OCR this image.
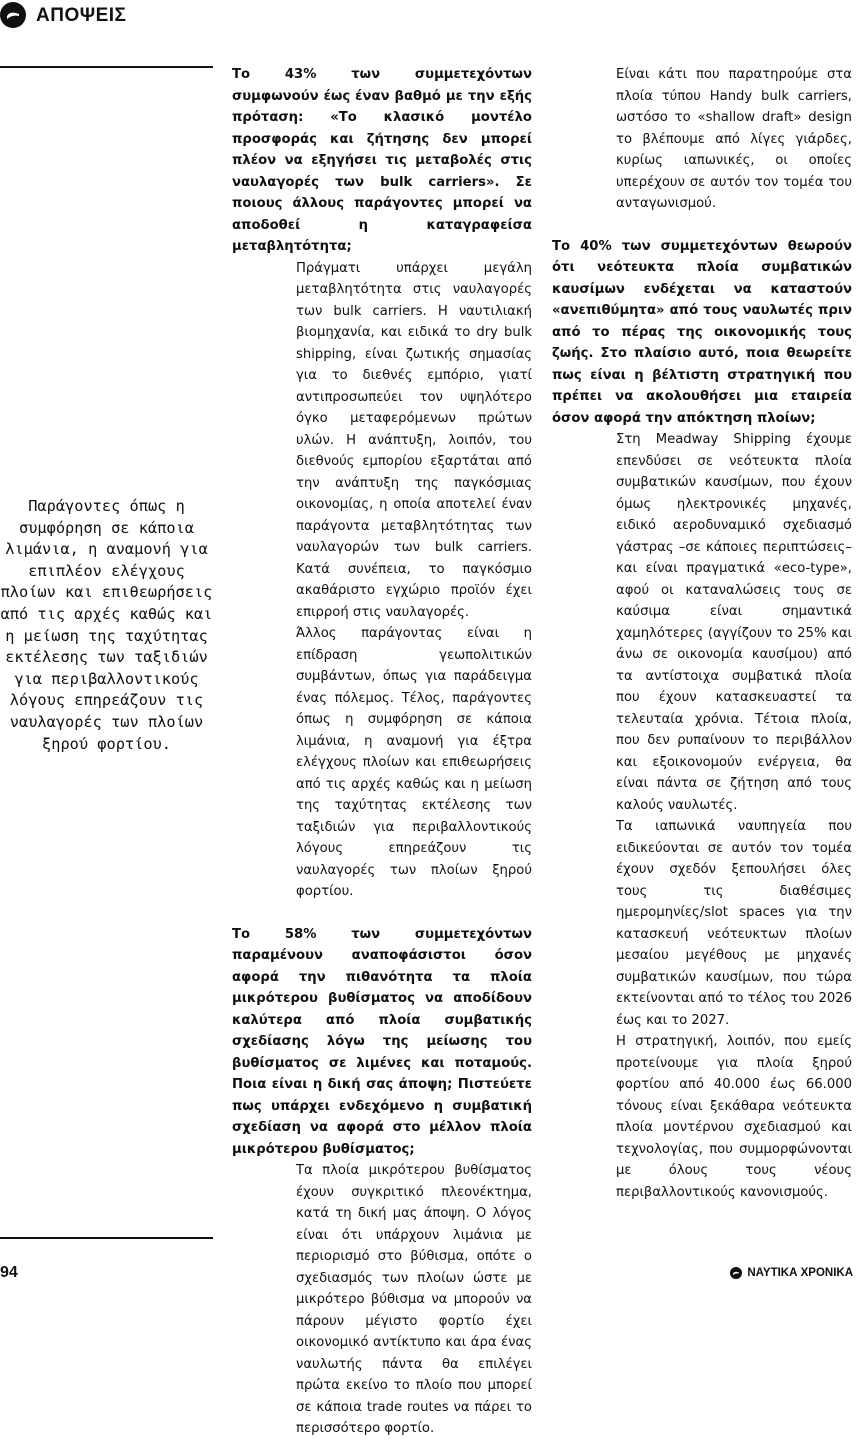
ΑΠΟΨΕΙΣ

Παράγοντες όπως η συμφόρηση σε κάποια λιμάνια, η αναμονή για επιπλέον ελέγχους πλοίων και επιθεωρήσεις από τις αρχές καθώς και η μείωση της ταχύτητας εκτέλεσης των ταξιδιών για περιβαλλοντικούς λόγους επηρεάζουν τις ναυλαγορές των πλοίων ξηρού φορτίου.

Το 43% των συμμετεχόντων συμφωνούν έως έναν βαθμό με την εξής πρόταση: «Το κλασικό μοντέλο προσφοράς και ζήτησης δεν μπορεί πλέον να εξηγήσει τις μεταβολές στις ναυλαγορές των bulk carriers». Σε ποιους άλλους παράγοντες μπορεί να αποδοθεί η καταγραφείσα μεταβλητότητα;

Πράγματι υπάρχει μεγάλη μεταβλητότητα στις ναυλαγορές των bulk carriers. Η ναυτιλιακή βιομηχανία, και ειδικά το dry bulk shipping, είναι ζωτικής σημασίας για το διεθνές εμπόριο, γιατί αντιπροσωπεύει τον υψηλότερο όγκο μεταφερόμενων πρώτων υλών. Η ανάπτυξη, λοιπόν, του διεθνούς εμπορίου εξαρτάται από την ανάπτυξη της παγκόσμιας οικονομίας, η οποία αποτελεί έναν παράγοντα μεταβλητότητας των ναυλαγορών των bulk carriers. Κατά συνέπεια, το παγκόσμιο ακαθάριστο εγχώριο προϊόν έχει επιρροή στις ναυλαγορές.

Άλλος παράγοντας είναι η επίδραση γεωπολιτικών συμβάντων, όπως για παράδειγμα ένας πόλεμος. Τέλος, παράγοντες όπως η συμφόρηση σε κάποια λιμάνια, η αναμονή για έξτρα ελέγχους πλοίων και επιθεωρήσεις από τις αρχές καθώς και η μείωση της ταχύτητας εκτέλεσης των ταξιδιών για περιβαλλοντικούς λόγους επηρεάζουν τις ναυλαγορές των πλοίων ξηρού φορτίου.

Το 58% των συμμετεχόντων παραμένουν αναποφάσιστοι όσον αφορά την πιθανότητα τα πλοία μικρότερου βυθίσματος να αποδίδουν καλύτερα από πλοία συμβατικής σχεδίασης λόγω της μείωσης του βυθίσματος σε λιμένες και ποταμούς. Ποια είναι η δική σας άποψη; Πιστεύετε πως υπάρχει ενδεχόμενο η συμβατική σχεδίαση να αφορά στο μέλλον πλοία μικρότερου βυθίσματος;

Τα πλοία μικρότερου βυθίσματος έχουν συγκριτικό πλεονέκτημα, κατά τη δική μας άποψη. Ο λόγος είναι ότι υπάρχουν λιμάνια με περιορισμό στο βύθισμα, οπότε ο σχεδιασμός των πλοίων ώστε με μικρότερο βύθισμα να μπορούν να πάρουν μέγιστο φορτίο έχει οικονομικό αντίκτυπο και άρα ένας ναυλωτής πάντα θα επιλέγει πρώτα εκείνο το πλοίο που μπορεί σε κάποια trade routes να πάρει το περισσότερο φορτίο.

Είναι κάτι που παρατηρούμε στα πλοία τύπου Handy bulk carriers, ωστόσο το «shallow draft» design το βλέπουμε από λίγες γιάρδες, κυρίως ιαπωνικές, οι οποίες υπερέχουν σε αυτόν τον τομέα του ανταγωνισμού.

Το 40% των συμμετεχόντων θεωρούν ότι νεότευκτα πλοία συμβατικών καυσίμων ενδέχεται να καταστούν «ανεπιθύμητα» από τους ναυλωτές πριν από το πέρας της οικονομικής τους ζωής. Στο πλαίσιο αυτό, ποια θεωρείτε πως είναι η βέλτιστη στρατηγική που πρέπει να ακολουθήσει μια εταιρεία όσον αφορά την απόκτηση πλοίων;

Στη Meadway Shipping έχουμε επενδύσει σε νεότευκτα πλοία συμβατικών καυσίμων, που έχουν όμως ηλεκτρονικές μηχανές, ειδικό αεροδυναμικό σχεδιασμό γάστρας –σε κάποιες περιπτώσεις– και είναι πραγματικά «eco-type», αφού οι καταναλώσεις τους σε καύσιμα είναι σημαντικά χαμηλότερες (αγγίζουν το 25% και άνω σε οικονομία καυσίμου) από τα αντίστοιχα συμβατικά πλοία που έχουν κατασκευαστεί τα τελευταία χρόνια. Τέτοια πλοία, που δεν ρυπαίνουν το περιβάλλον και εξοικονομούν ενέργεια, θα είναι πάντα σε ζήτηση από τους καλούς ναυλωτές.

Τα ιαπωνικά ναυπηγεία που ειδικεύονται σε αυτόν τον τομέα έχουν σχεδόν ξεπουλήσει όλες τους τις διαθέσιμες ημερομηνίες/slot spaces για την κατασκευή νεότευκτων πλοίων μεσαίου μεγέθους με μηχανές συμβατικών καυσίμων, που τώρα εκτείνονται από το τέλος του 2026 έως και το 2027.

Η στρατηγική, λοιπόν, που εμείς προτείνουμε για πλοία ξηρού φορτίου από 40.000 έως 66.000 τόνους είναι ξεκάθαρα νεότευκτα πλοία μοντέρνου σχεδιασμού και τεχνολογίας, που συμμορφώνονται με όλους τους νέους περιβαλλοντικούς κανονισμούς.

94	ΝΑΥΤΙΚΑ ΧΡΟΝΙΚΑ
